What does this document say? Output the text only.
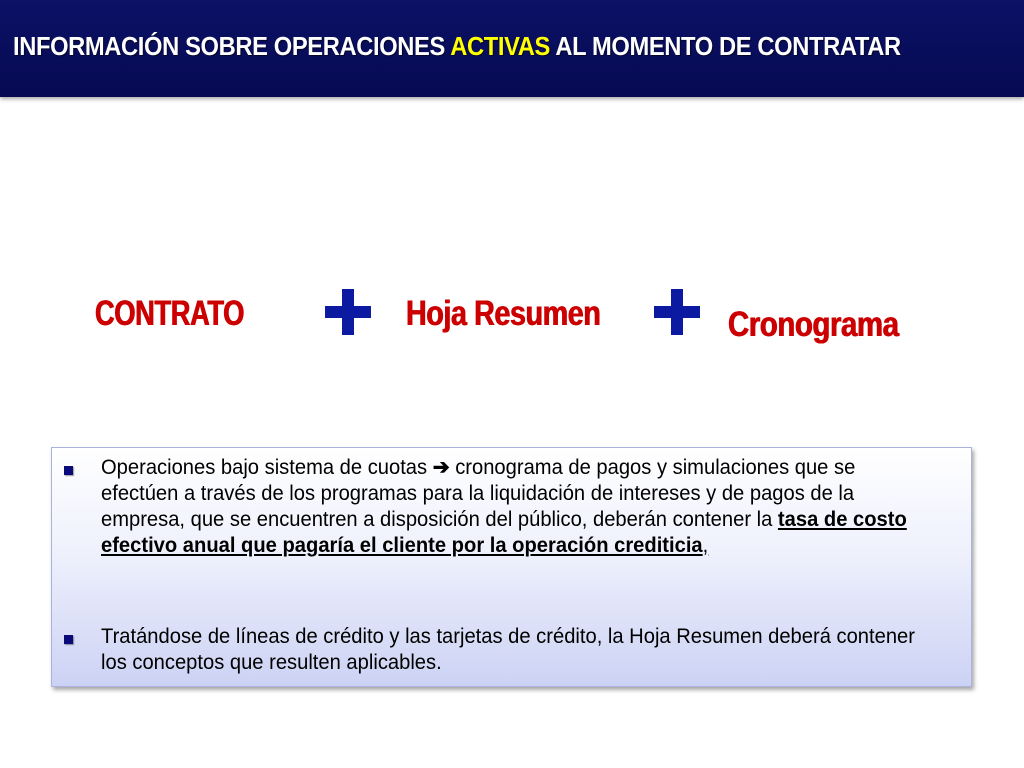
INFORMACIÓN SOBRE OPERACIONES ACTIVAS AL MOMENTO DE CONTRATAR
CONTRATO	Hoja Resumen	Cronograma
Operaciones bajo sistema de cuotas ➔ cronograma de pagos y simulaciones que se efectúen a través de los programas para la liquidación de intereses y de pagos de la empresa, que se encuentren a disposición del público, deberán contener la tasa de costo efectivo anual que pagaría el cliente por la operación crediticia,
Tratándose de líneas de crédito y las tarjetas de crédito, la Hoja Resumen deberá contener los conceptos que resulten aplicables.
